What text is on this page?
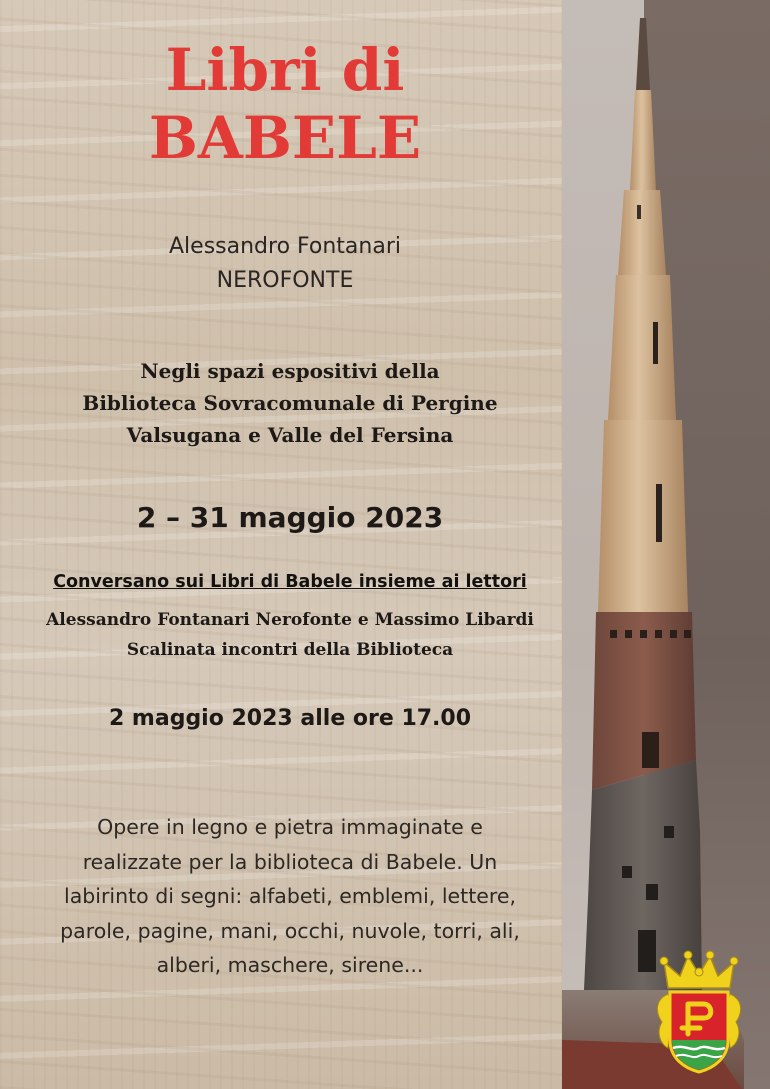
Libri di
BABELE
Alessandro Fontanari
NEROFONTE
Negli spazi espositivi della
Biblioteca Sovracomunale di Pergine
Valsugana e Valle del Fersina
2 – 31 maggio 2023
Conversano sui Libri di Babele insieme ai lettori
Alessandro Fontanari Nerofonte e Massimo Libardi
Scalinata incontri della Biblioteca
2 maggio 2023 alle ore 17.00
Opere in legno e pietra immaginate e
realizzate per la biblioteca di Babele. Un
labirinto di segni: alfabeti, emblemi, lettere,
parole, pagine, mani, occhi, nuvole, torri, ali,
alberi, maschere, sirene...
